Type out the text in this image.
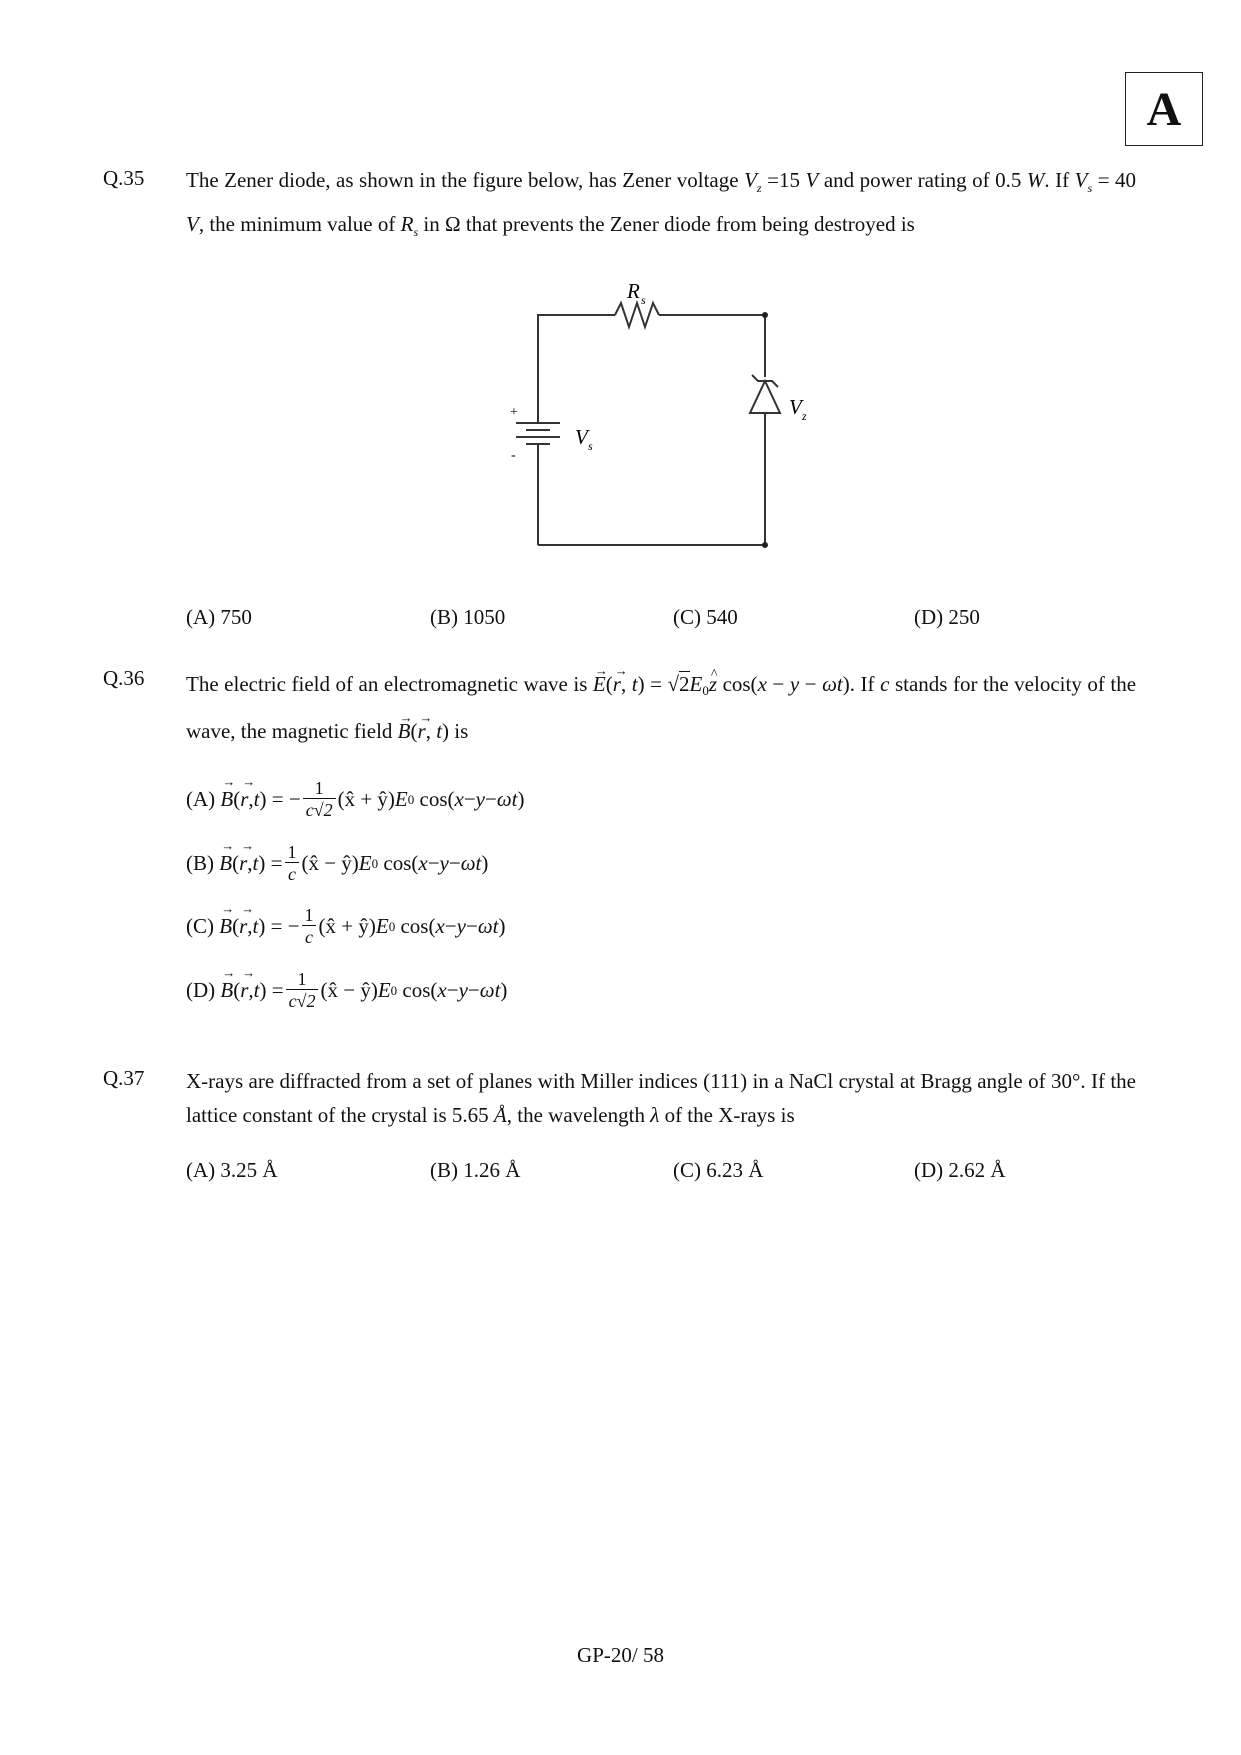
A
Q.35 The Zener diode, as shown in the figure below, has Zener voltage $V_z =15$ V and power rating of 0.5 W. If $V_s = 40$ V, the minimum value of $R_s$ in Ω that prevents the Zener diode from being destroyed is
R s
V z
V s
+
-
(A) 750	(B) 1050	(C) 540	(D) 250
Q.36 The electric field of an electromagnetic wave is → E(→ r, $t) = √2E_0\^{}$ z cos(x − y − ωt). If c stands for the velocity of the wave, the magnetic field → B(→ r, t) is
(A)
→ B ( → r , t ) = − $\frac{1}{c√2}$ (x̂ + ŷ) E 0 cos( x − y − ωt )
(B)
→ B ( → r , t ) = $\frac{1}{c}$ (x̂ − ŷ) E 0 cos( x − y − ωt )
(C)
→ B ( → r , t ) = − $\frac{1}{c}$ (x̂ + ŷ) E 0 cos( x − y − ωt )
(D)
→ B ( → r , t ) = $\frac{1}{c√2}$ (x̂ − ŷ) E 0 cos( x − y − ωt )
Q.37 X-rays are diffracted from a set of planes with Miller indices (111) in a NaCl crystal at Bragg angle of 30°. If the lattice constant of the crystal is 5.65 Å, the wavelength λ of the X-rays is
(A) 3.25 Å	(B) 1.26 Å	(C) 6.23 Å	(D) 2.62 Å
GP-20/ 58
